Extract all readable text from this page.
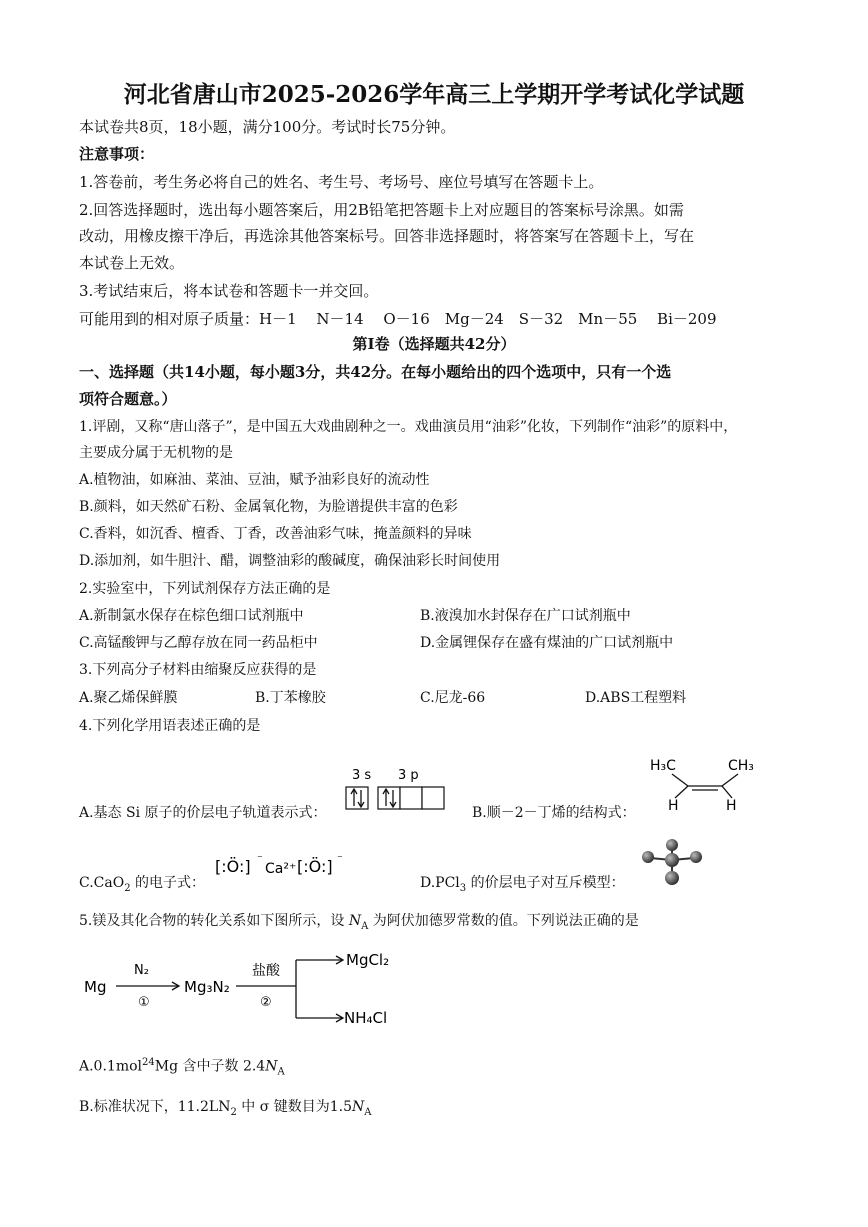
河北省唐山市2025-2026学年高三上学期开学考试化学试题
本试卷共8页，18小题，满分100分。考试时长75分钟。
注意事项：
1.答卷前，考生务必将自己的姓名、考生号、考场号、座位号填写在答题卡上。
2.回答选择题时，选出每小题答案后，用2B铅笔把答题卡上对应题目的答案标号涂黑。如需
改动，用橡皮擦干净后，再选涂其他答案标号。回答非选择题时，将答案写在答题卡上，写在
本试卷上无效。
3.考试结束后，将本试卷和答题卡一并交回。
可能用到的相对原子质量：H－1　 N－14　 O－16　Mg－24　S－32　Mn－55　 Bi－209
第Ⅰ卷（选择题共42分）
一、选择题（共14小题，每小题3分，共42分。在每小题给出的四个选项中，只有一个选
项符合题意。）
1.评剧，又称“唐山落子”，是中国五大戏曲剧种之一。戏曲演员用“油彩”化妆，下列制作“油彩”的原料中，
主要成分属于无机物的是
A.植物油，如麻油、菜油、豆油，赋予油彩良好的流动性
B.颜料，如天然矿石粉、金属氧化物，为脸谱提供丰富的色彩
C.香料，如沉香、檀香、丁香，改善油彩气味，掩盖颜料的异味
D.添加剂，如牛胆汁、醋，调整油彩的酸碱度，确保油彩长时间使用
2.实验室中，下列试剂保存方法正确的是
A.新制氯水保存在棕色细口试剂瓶中	B.液溴加水封保存在广口试剂瓶中
C.高锰酸钾与乙醇存放在同一药品柜中	D.金属锂保存在盛有煤油的广口试剂瓶中
3.下列高分子材料由缩聚反应获得的是
A.聚乙烯保鲜膜	B.丁苯橡胶	C.尼龙-66	D.ABS工程塑料
4.下列化学用语表述正确的是
A.基态 Si 原子的价层电子轨道表示式：
3 s 3 p
B.顺－2－丁烯的结构式：
H₃C	CH₃
H	H
C.CaO$_2$ 的电子式：
[:Ö:] ⁻
Ca²⁺ [:Ö:] ⁻
D.PCl$_3$ 的价层电子对互斥模型：
5.镁及其化合物的转化关系如下图所示，设 $N_A$ 为阿伏加德罗常数的值。下列说法正确的是
Mg
N₂
①
Mg₃N₂
盐酸
②
MgCl₂
NH₄Cl
A.0.1mol$^{24}$Mg 含中子数 $2.4N_A$
B.标准状况下，$11.2LN_2$ 中 σ 键数目为$1.5N_A$
